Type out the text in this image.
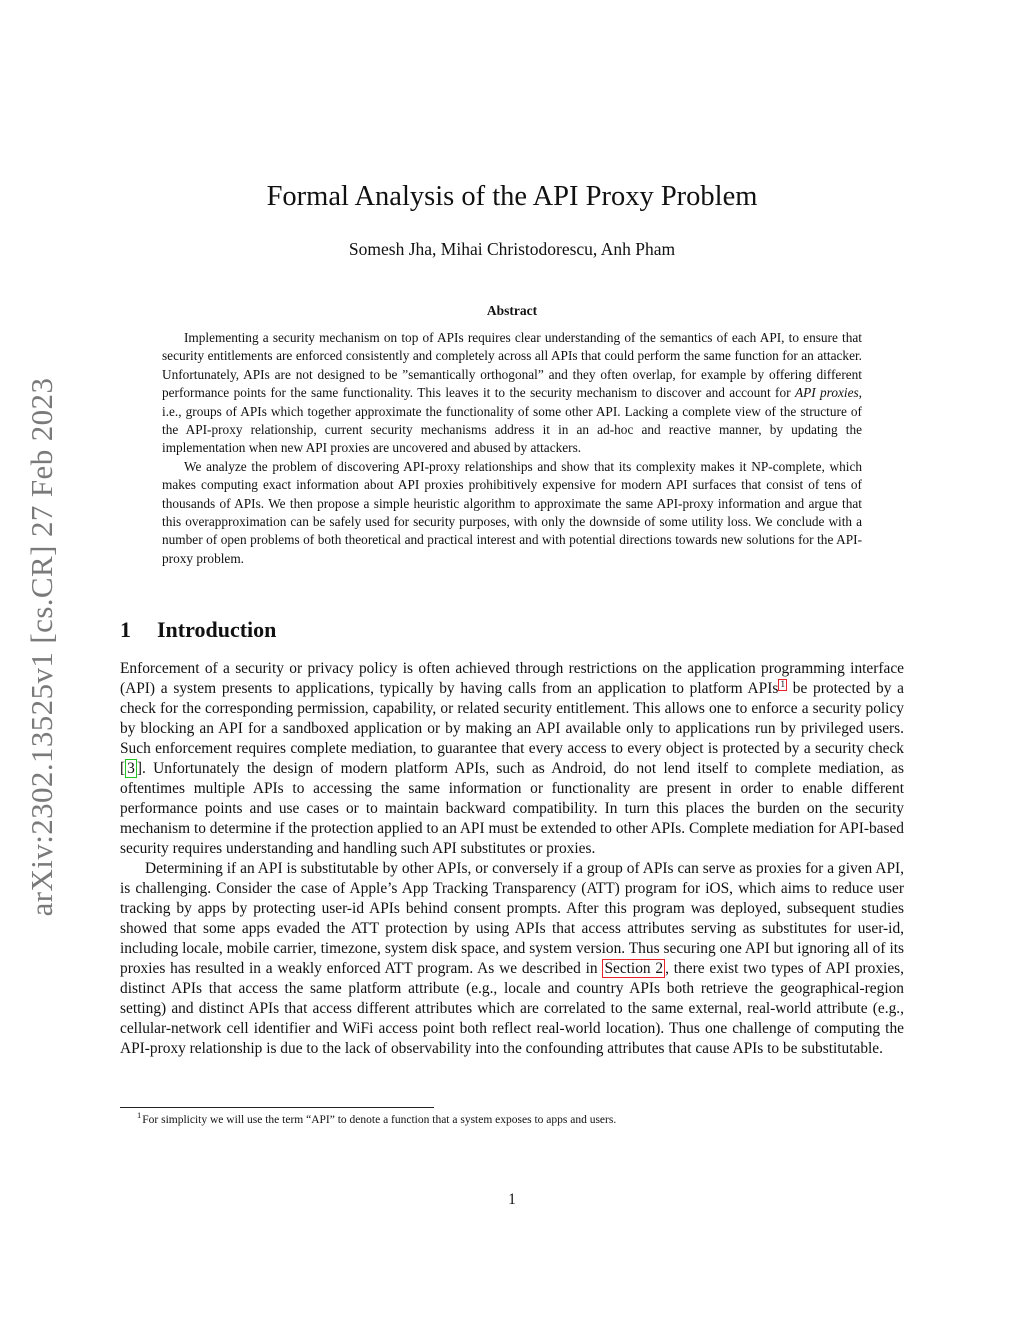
arXiv:2302.13525v1 [cs.CR] 27 Feb 2023
Formal Analysis of the API Proxy Problem
Somesh Jha, Mihai Christodorescu, Anh Pham
Abstract

Implementing a security mechanism on top of APIs requires clear understanding of the semantics of each API, to ensure that security entitlements are enforced consistently and completely across all APIs that could perform the same function for an attacker. Unfortunately, APIs are not designed to be ”semantically orthogonal” and they often overlap, for example by offering different performance points for the same functionality. This leaves it to the security mechanism to discover and account for API proxies, i.e., groups of APIs which together approximate the functionality of some other API. Lacking a complete view of the structure of the API-proxy relationship, current security mechanisms address it in an ad-hoc and reactive manner, by updating the implementation when new API proxies are uncovered and abused by attackers.

We analyze the problem of discovering API-proxy relationships and show that its complexity makes it NP-complete, which makes computing exact information about API proxies prohibitively expensive for modern API surfaces that consist of tens of thousands of APIs. We then propose a simple heuristic algorithm to approximate the same API-proxy information and argue that this overapproximation can be safely used for security purposes, with only the downside of some utility loss. We conclude with a number of open problems of both theoretical and practical interest and with potential directions towards new solutions for the API-proxy problem.

1 Introduction

Enforcement of a security or privacy policy is often achieved through restrictions on the application programming interface (API) a system presents to applications, typically by having calls from an application to platform APIs $^1$ be protected by a check for the corresponding permission, capability, or related security entitlement. This allows one to enforce a security policy by blocking an API for a sandboxed application or by making an API available only to applications run by privileged users. Such enforcement requires complete mediation, to guarantee that every access to every object is protected by a security check [ 3 ]. Unfortunately the design of modern platform APIs, such as Android, do not lend itself to complete mediation, as oftentimes multiple APIs to accessing the same information or functionality are present in order to enable different performance points and use cases or to maintain backward compatibility. In turn this places the burden on the security mechanism to determine if the protection applied to an API must be extended to other APIs. Complete mediation for API-based security requires understanding and handling such API substitutes or proxies.

Determining if an API is substitutable by other APIs, or conversely if a group of APIs can serve as proxies for a given API, is challenging. Consider the case of Apple’s App Tracking Transparency (ATT) program for iOS, which aims to reduce user tracking by apps by protecting user-id APIs behind consent prompts. After this program was deployed, subsequent studies showed that some apps evaded the ATT protection by using APIs that access attributes serving as substitutes for user-id, including locale, mobile carrier, timezone, system disk space, and system version. Thus securing one API but ignoring all of its proxies has resulted in a weakly enforced ATT program. As we described in Section 2 , there exist two types of API proxies, distinct APIs that access the same platform attribute (e.g., locale and country APIs both retrieve the geographical-region setting) and distinct APIs that access different attributes which are correlated to the same external, real-world attribute (e.g., cellular-network cell identifier and WiFi access point both reflect real-world location). Thus one challenge of computing the API-proxy relationship is due to the lack of observability into the confounding attributes that cause APIs to be substitutable.

$^1$For simplicity we will use the term “API” to denote a function that a system exposes to apps and users.
1
